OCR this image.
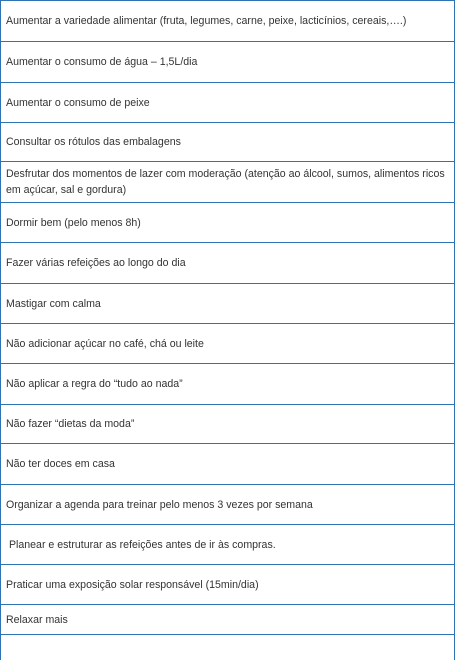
Aumentar a variedade alimentar (fruta, legumes, carne, peixe, lacticínios, cereais,….)
Aumentar o consumo de água – 1,5L/dia
Aumentar o consumo de peixe
Consultar os rótulos das embalagens
Desfrutar dos momentos de lazer com moderação (atenção ao álcool, sumos, alimentos ricos em açúcar, sal e gordura)
Dormir bem (pelo menos 8h)
Fazer várias refeições ao longo do dia
Mastigar com calma
Não adicionar açúcar no café, chá ou leite
Não aplicar a regra do “tudo ao nada”
Não fazer “dietas da moda”
Não ter doces em casa
Organizar a agenda para treinar pelo menos 3 vezes por semana
Planear e estruturar as refeições antes de ir às compras.
Praticar uma exposição solar responsável (15min/dia)
Relaxar mais
